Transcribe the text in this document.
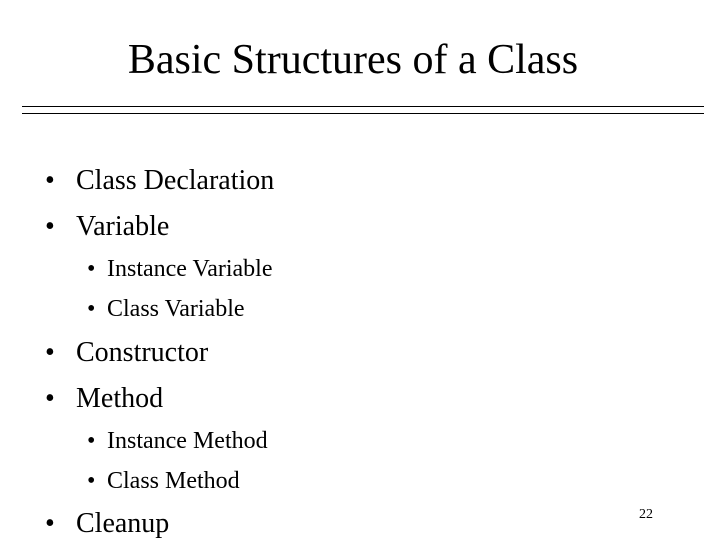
Basic Structures of a Class
• Class Declaration
• Variable
• Instance Variable
• Class Variable
• Constructor
• Method
• Instance Method
• Class Method
• Cleanup	22
